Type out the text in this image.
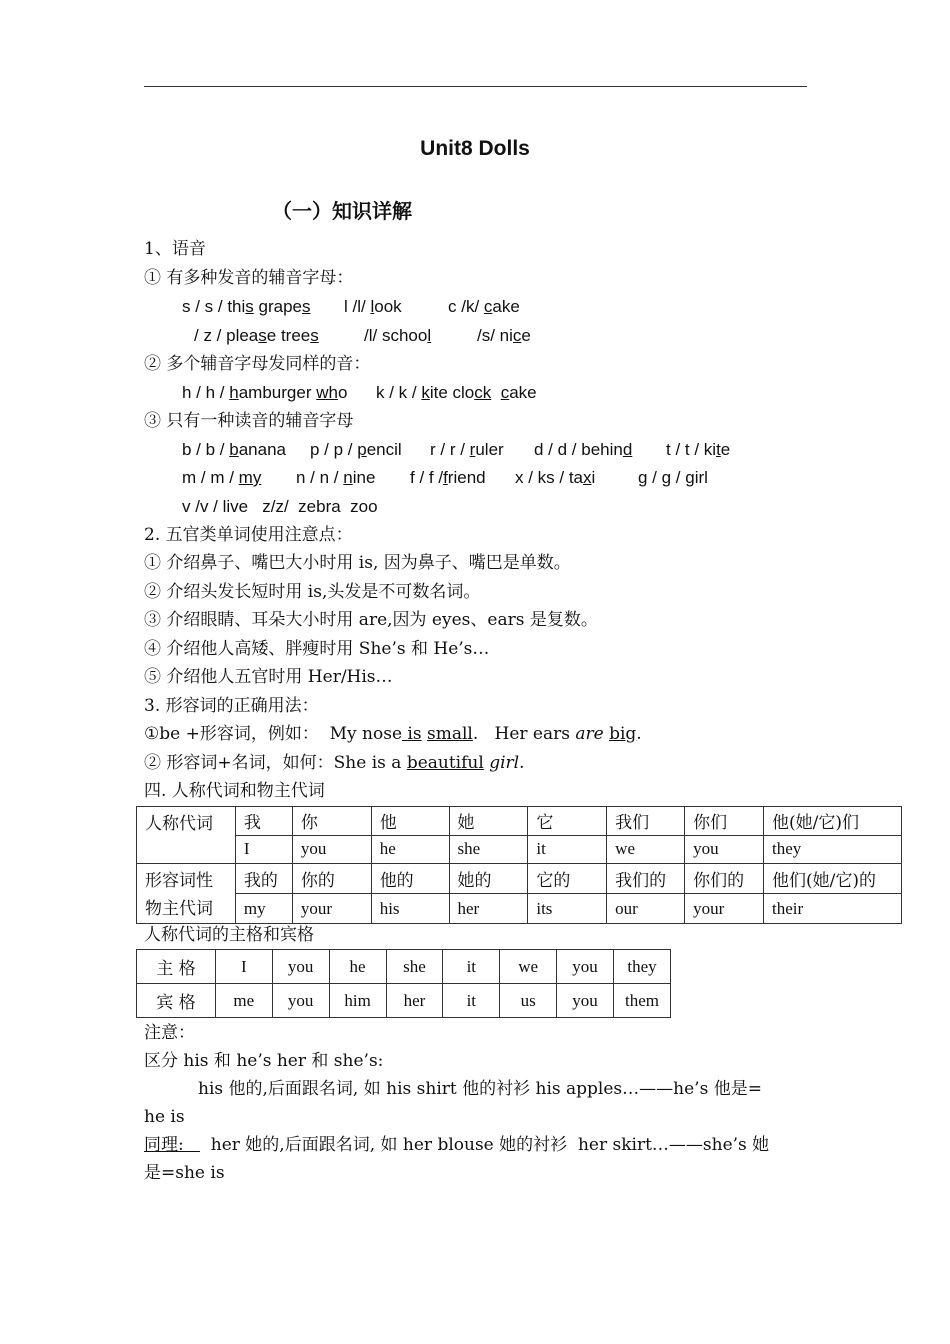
Unit8 Dolls
（一）知识详解
1、语音
① 有多种发音的辅音字母：
s / s / this grapes l /l/ look	c /k/ cake
/ z / please trees	/l/ school	/s/ nice
② 多个辅音字母发同样的音：
h / h / hamburger who k / k / kite clock cake
③ 只有一种读音的辅音字母
b / b / banana p / p / pencil r / r / ruler d / d / behind t / t / kite
m / m / my n / n / nine f / f /friend x / ks / taxi	g / g / girl
v /v / live   z/z/  zebra  zoo
2. 五官类单词使用注意点：
① 介绍鼻子、嘴巴大小时用 is, 因为鼻子、嘴巴是单数。
② 介绍头发长短时用 is,头发是不可数名词。
③ 介绍眼睛、耳朵大小时用 are,因为 eyes、ears 是复数。
④ 介绍他人高矮、胖瘦时用 She’s 和 He’s…
⑤ 介绍他人五官时用 Her/His…
3. 形容词的正确用法：
①be +形容词，例如：  My nose is small.   Her ears are big.
② 形容词+名词，如何：She is a beautiful girl.
四. 人称代词和物主代词
人称代词	我	你	他	她	它	我们	你们	他(她/它)们
	I	you	he	she	it	we	you	they
形容词性
物主代词	我的	你的	他的	她的	它的	我们的	你们的	他们(她/它)的
	my	your	his	her	its	our	your	their
人称代词的主格和宾格
主 格	I	you	he	she	it	we	you	they
宾 格	me	you	him	her	it	us	you	them
注意：
区分 his 和 he’s her 和 she’s:
his 他的,后面跟名词, 如 his shirt 他的衬衫 his apples…——he’s 他是=
he is
同理:     her 她的,后面跟名词, 如 her blouse 她的衬衫  her skirt…——she’s 她
是=she is
